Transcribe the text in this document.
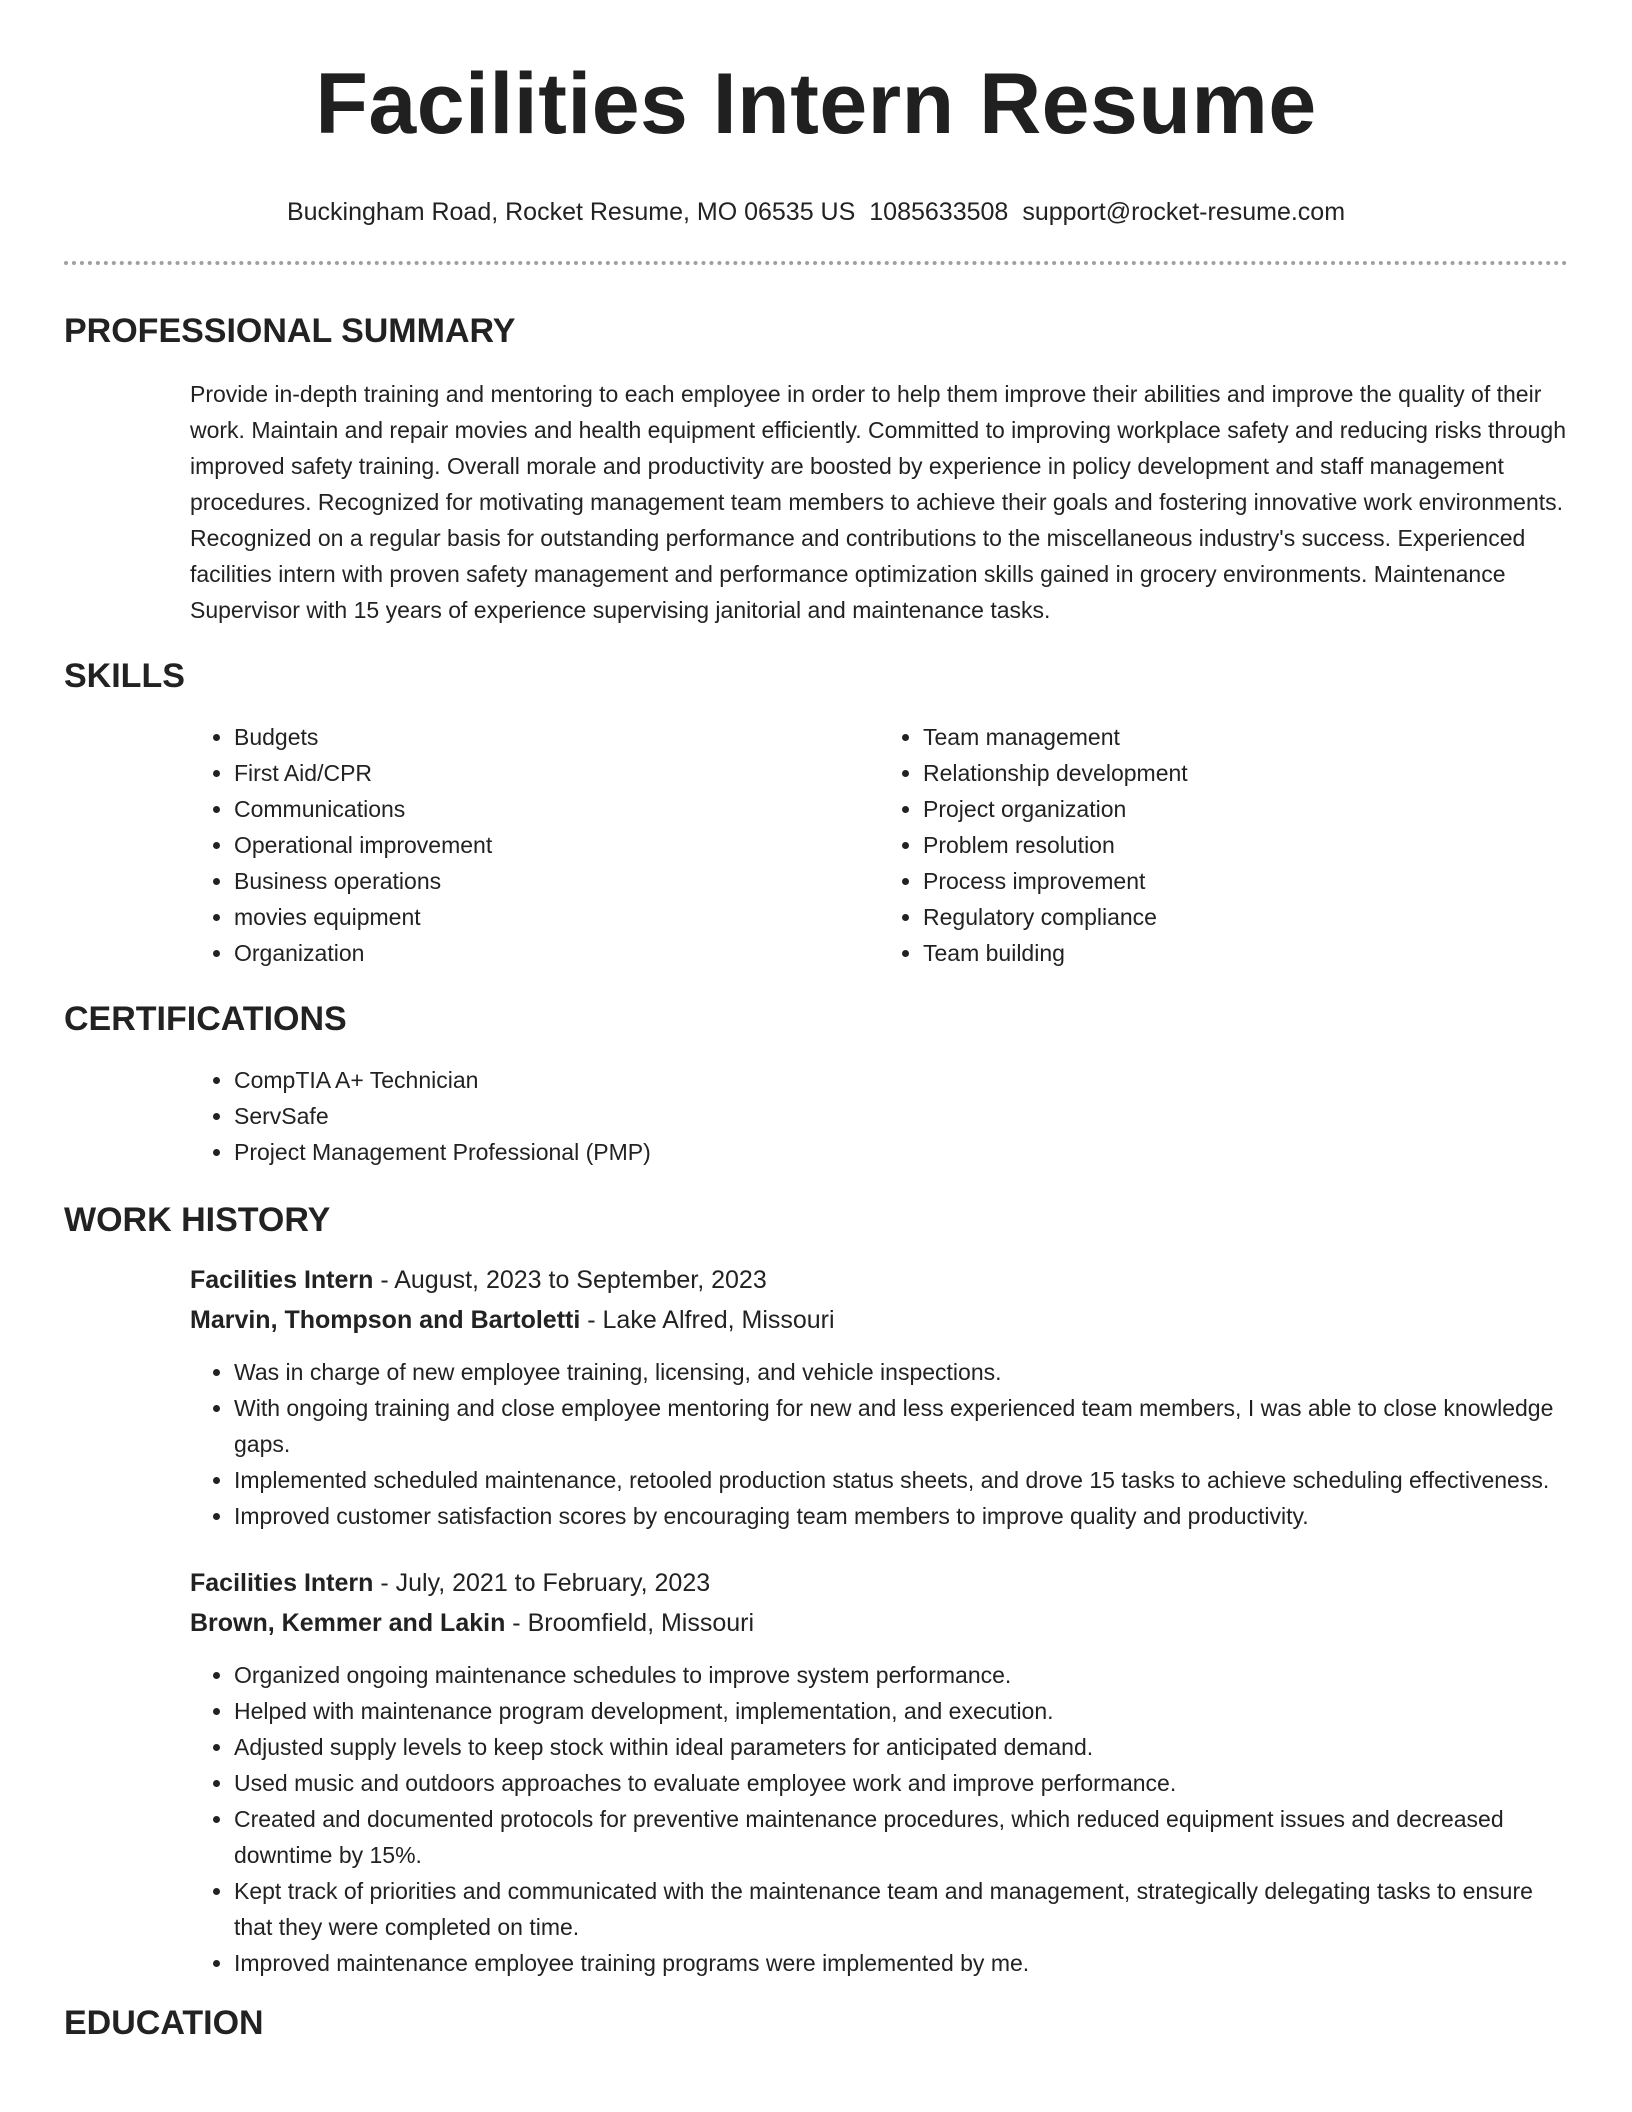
Facilities Intern Resume
Buckingham Road, Rocket Resume, MO 06535 US 1085633508 support@rocket-resume.com
PROFESSIONAL SUMMARY
Provide in-depth training and mentoring to each employee in order to help them improve their abilities and improve the quality of their work. Maintain and repair movies and health equipment efficiently. Committed to improving workplace safety and reducing risks through improved safety training. Overall morale and productivity are boosted by experience in policy development and staff management procedures. Recognized for motivating management team members to achieve their goals and fostering innovative work environments. Recognized on a regular basis for outstanding performance and contributions to the miscellaneous industry's success. Experienced facilities intern with proven safety management and performance optimization skills gained in grocery environments. Maintenance Supervisor with 15 years of experience supervising janitorial and maintenance tasks.
SKILLS
• Budgets
• First Aid/CPR
• Communications
• Operational improvement
• Business operations
• movies equipment
• Organization
• Team management
• Relationship development
• Project organization
• Problem resolution
• Process improvement
• Regulatory compliance
• Team building
CERTIFICATIONS
• CompTIA A+ Technician
• ServSafe
• Project Management Professional (PMP)
WORK HISTORY
Facilities Intern - August, 2023 to September, 2023
Marvin, Thompson and Bartoletti - Lake Alfred, Missouri
• Was in charge of new employee training, licensing, and vehicle inspections.
• With ongoing training and close employee mentoring for new and less experienced team members, I was able to close knowledge gaps.
• Implemented scheduled maintenance, retooled production status sheets, and drove 15 tasks to achieve scheduling effectiveness.
• Improved customer satisfaction scores by encouraging team members to improve quality and productivity.
Facilities Intern - July, 2021 to February, 2023
Brown, Kemmer and Lakin - Broomfield, Missouri
• Organized ongoing maintenance schedules to improve system performance.
• Helped with maintenance program development, implementation, and execution.
• Adjusted supply levels to keep stock within ideal parameters for anticipated demand.
• Used music and outdoors approaches to evaluate employee work and improve performance.
• Created and documented protocols for preventive maintenance procedures, which reduced equipment issues and decreased downtime by 15%.
• Kept track of priorities and communicated with the maintenance team and management, strategically delegating tasks to ensure that they were completed on time.
• Improved maintenance employee training programs were implemented by me.
EDUCATION
